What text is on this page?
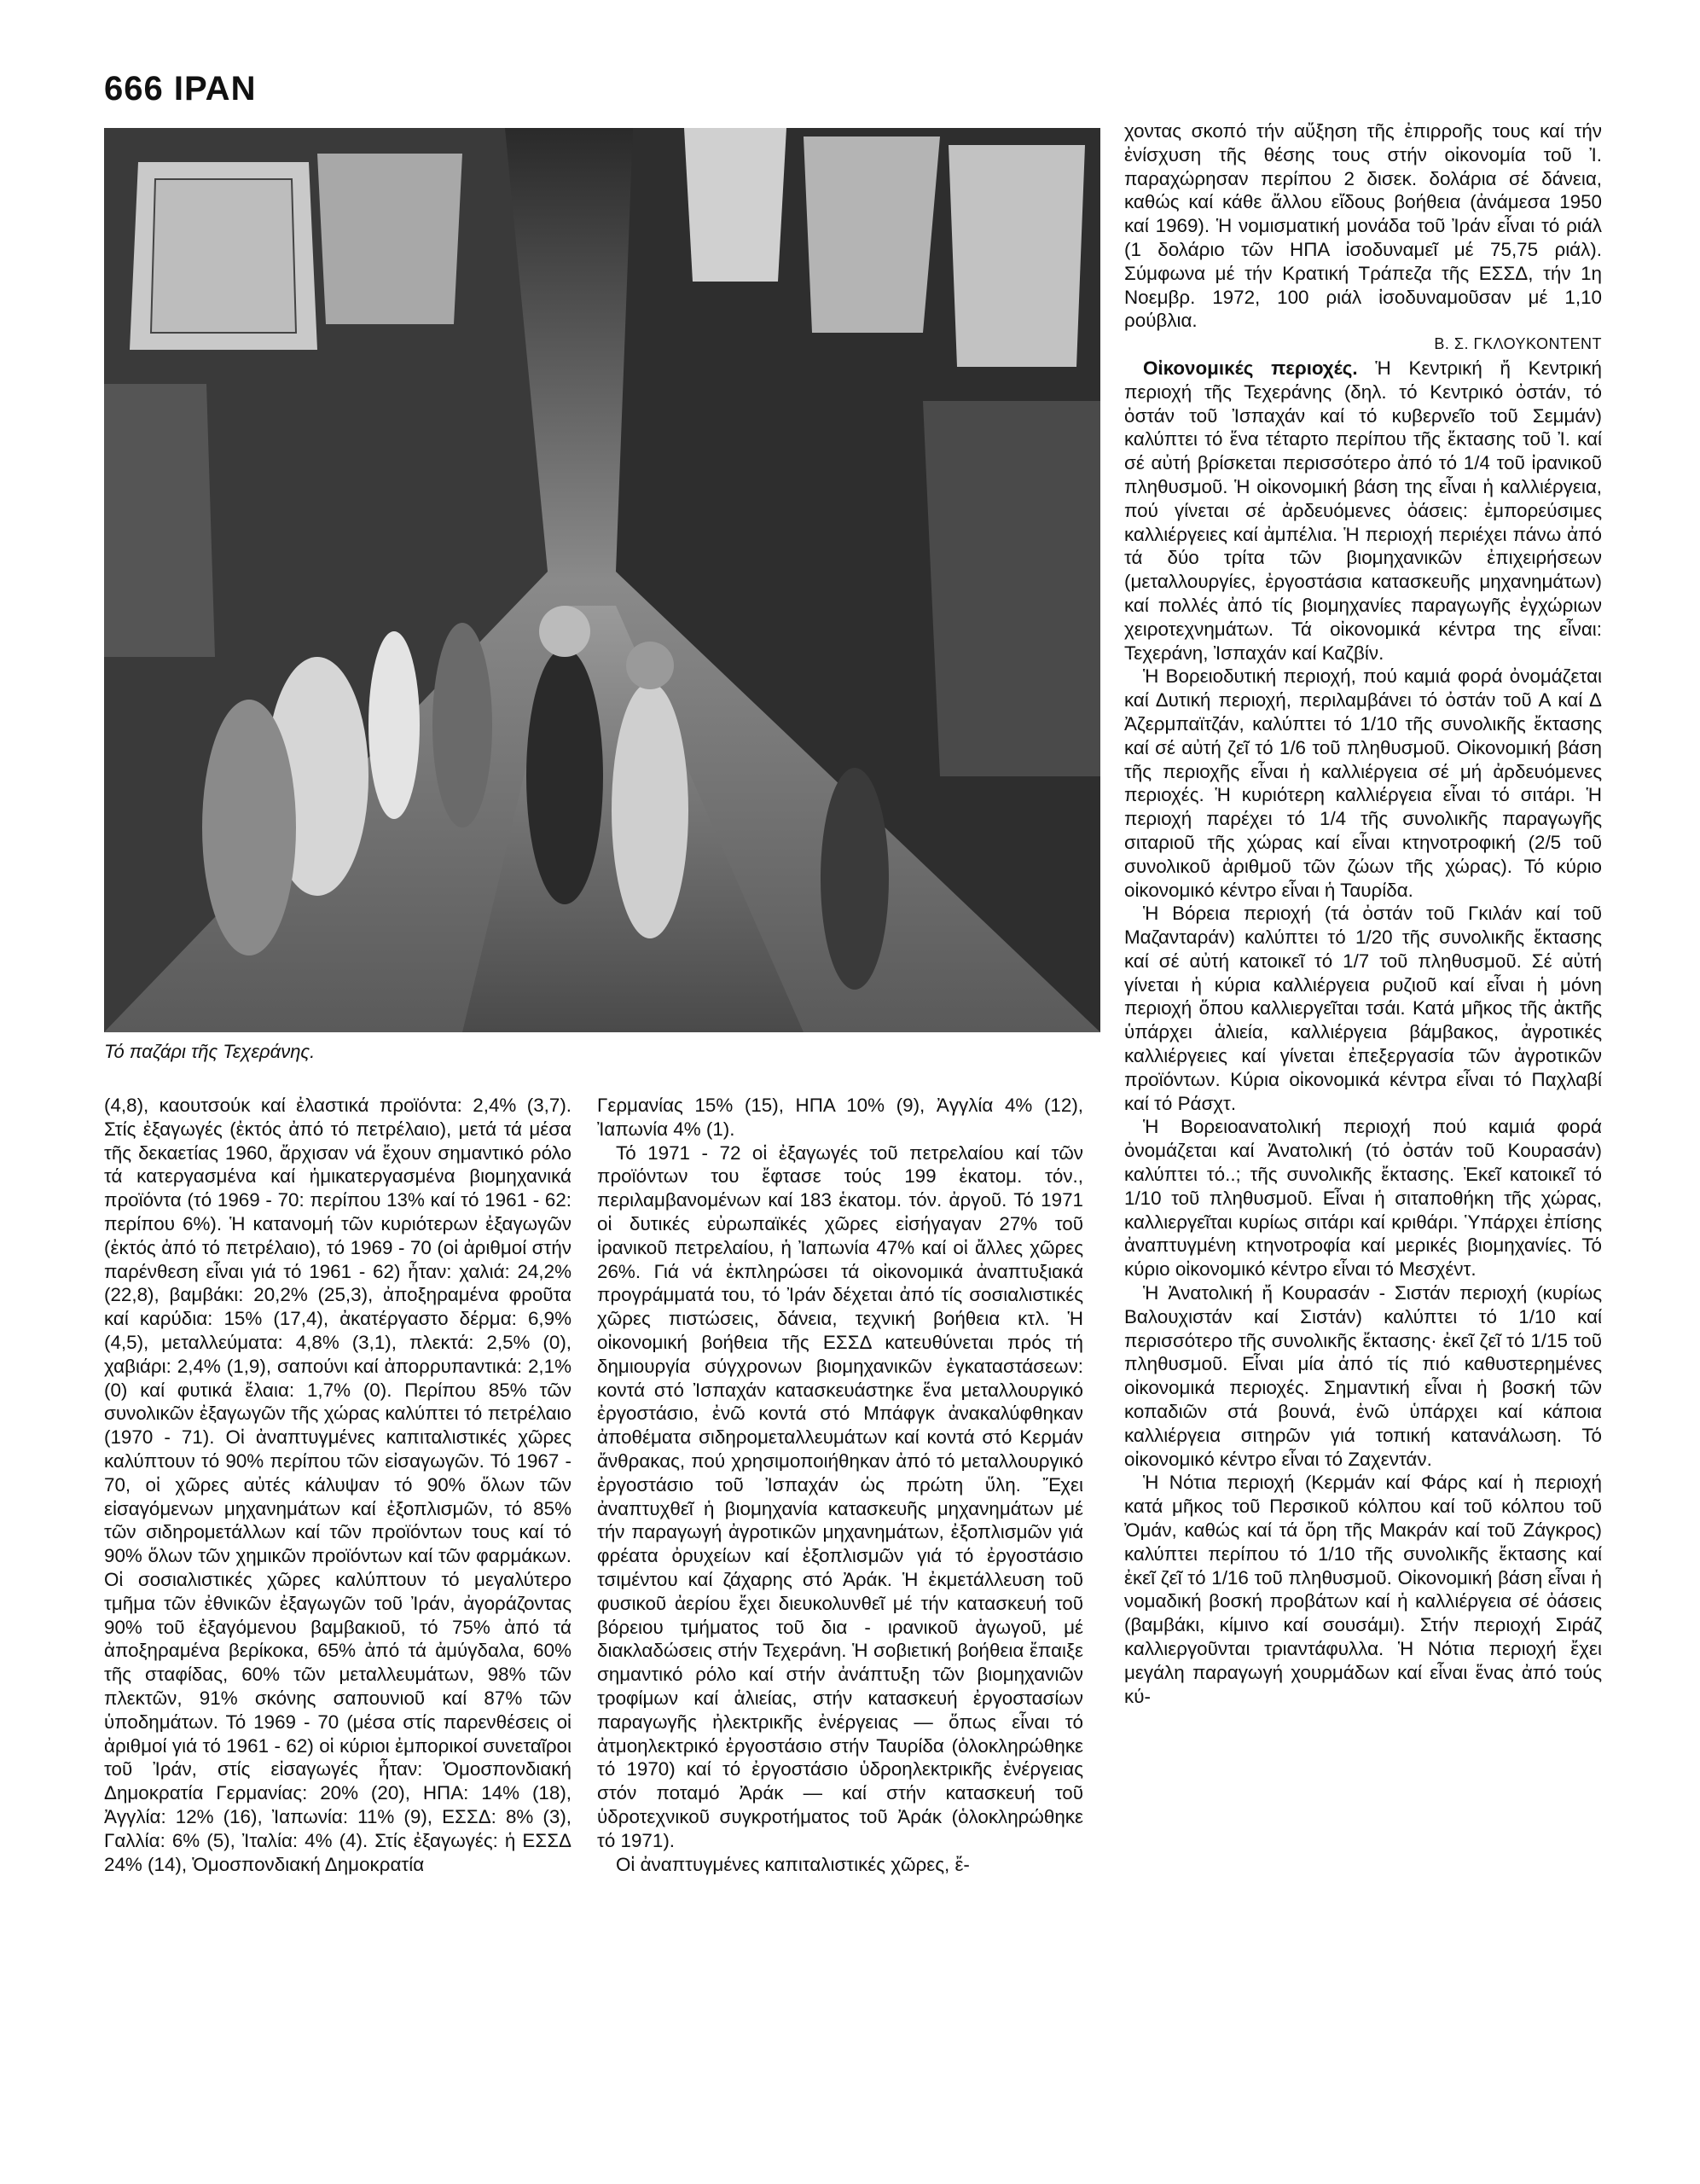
666 ΙΡΑΝ
Τό παζάρι τῆς Τεχεράνης.

(4,8), καουτσούκ καί ἐλαστικά προϊόντα: 2,4% (3,7). Στίς ἐξαγωγές (ἐκτός ἀπό τό πετρέλαιο), μετά τά μέσα τῆς δεκαετίας 1960, ἄρχισαν νά ἔχουν σημαντικό ρόλο τά κατεργασμένα καί ἡμικατεργασμένα βιομηχανικά προϊόντα (τό 1969 - 70: περίπου 13% καί τό 1961 - 62: περίπου 6%). Ἡ κατανομή τῶν κυριότερων ἐξαγωγῶν (ἐκτός ἀπό τό πετρέλαιο), τό 1969 - 70 (οἱ ἀριθμοί στήν παρένθεση εἶναι γιά τό 1961 - 62) ἦταν: χαλιά: 24,2% (22,8), βαμβάκι: 20,2% (25,3), ἀποξηραμένα φροῦτα καί καρύδια: 15% (17,4), ἀκατέργαστο δέρμα: 6,9% (4,5), μεταλλεύματα: 4,8% (3,1), πλεκτά: 2,5% (0), χαβιάρι: 2,4% (1,9), σαπούνι καί ἀπορρυπαντικά: 2,1% (0) καί φυτικά ἔλαια: 1,7% (0). Περίπου 85% τῶν συνολικῶν ἐξαγωγῶν τῆς χώρας καλύπτει τό πετρέλαιο (1970 - 71). Οἱ ἀναπτυγμένες καπιταλιστικές χῶρες καλύπτουν τό 90% περίπου τῶν εἰσαγωγῶν. Τό 1967 - 70, οἱ χῶρες αὐτές κάλυψαν τό 90% ὅλων τῶν εἰσαγόμενων μηχανημάτων καί ἐξοπλισμῶν, τό 85% τῶν σιδηρομετάλλων καί τῶν προϊόντων τους καί τό 90% ὅλων τῶν χημικῶν προϊόντων καί τῶν φαρμάκων. Οἱ σοσιαλιστικές χῶρες καλύπτουν τό μεγαλύτερο τμῆμα τῶν ἐθνικῶν ἐξαγωγῶν τοῦ Ἰράν, ἀγοράζοντας 90% τοῦ ἐξαγόμενου βαμβακιοῦ, τό 75% ἀπό τά ἀποξηραμένα βερίκοκα, 65% ἀπό τά ἀμύγδαλα, 60% τῆς σταφίδας, 60% τῶν μεταλλευμάτων, 98% τῶν πλεκτῶν, 91% σκόνης σαπουνιοῦ καί 87% τῶν ὑποδημάτων. Τό 1969 - 70 (μέσα στίς παρενθέσεις οἱ ἀριθμοί γιά τό 1961 - 62) οἱ κύριοι ἐμπορικοί συνεταῖροι τοῦ Ἰράν, στίς εἰσαγωγές ἦταν: Ὁμοσπονδιακή Δημοκρατία Γερμανίας: 20% (20), ΗΠΑ: 14% (18), Ἀγγλία: 12% (16), Ἰαπωνία: 11% (9), ΕΣΣΔ: 8% (3), Γαλλία: 6% (5), Ἰταλία: 4% (4). Στίς ἐξαγωγές: ἡ ΕΣΣΔ 24% (14), Ὁμοσπονδιακή Δημοκρατία

Γερμανίας 15% (15), ΗΠΑ 10% (9), Ἀγγλία 4% (12), Ἰαπωνία 4% (1).

Τό 1971 - 72 οἱ ἐξαγωγές τοῦ πετρελαίου καί τῶν προϊόντων του ἔφτασε τούς 199 ἑκατομ. τόν., περιλαμβανομένων καί 183 ἑκατομ. τόν. ἀργοῦ. Τό 1971 οἱ δυτικές εὐρωπαϊκές χῶρες εἰσήγαγαν 27% τοῦ ἰρανικοῦ πετρελαίου, ἡ Ἰαπωνία 47% καί οἱ ἄλλες χῶρες 26%. Γιά νά ἐκπληρώσει τά οἰκονομικά ἀναπτυξιακά προγράμματά του, τό Ἰράν δέχεται ἀπό τίς σοσιαλιστικές χῶρες πιστώσεις, δάνεια, τεχνική βοήθεια κτλ. Ἡ οἰκονομική βοήθεια τῆς ΕΣΣΔ κατευθύνεται πρός τή δημιουργία σύγχρονων βιομηχανικῶν ἐγκαταστάσεων: κοντά στό Ἰσπαχάν κατασκευάστηκε ἕνα μεταλλουργικό ἐργοστάσιο, ἐνῶ κοντά στό Μπάφγκ ἀνακαλύφθηκαν ἀποθέματα σιδηρομεταλλευμάτων καί κοντά στό Κερμάν ἄνθρακας, πού χρησιμοποιήθηκαν ἀπό τό μεταλλουργικό ἐργοστάσιο τοῦ Ἰσπαχάν ὡς πρώτη ὕλη. Ἔχει ἀναπτυχθεῖ ἡ βιομηχανία κατασκευῆς μηχανημάτων μέ τήν παραγωγή ἀγροτικῶν μηχανημάτων, ἐξοπλισμῶν γιά φρέατα ὀρυχείων καί ἐξοπλισμῶν γιά τό ἐργοστάσιο τσιμέντου καί ζάχαρης στό Ἀράκ. Ἡ ἐκμετάλλευση τοῦ φυσικοῦ ἀερίου ἔχει διευκολυνθεῖ μέ τήν κατασκευή τοῦ βόρειου τμήματος τοῦ δια - ιρανικοῦ ἀγωγοῦ, μέ διακλαδώσεις στήν Τεχεράνη. Ἡ σοβιετική βοήθεια ἔπαιξε σημαντικό ρόλο καί στήν ἀνάπτυξη τῶν βιομηχανιῶν τροφίμων καί ἁλιείας, στήν κατασκευή ἐργοστασίων παραγωγῆς ἠλεκτρικῆς ἐνέργειας — ὅπως εἶναι τό ἀτμοηλεκτρικό ἐργοστάσιο στήν Ταυρίδα (ὁλοκληρώθηκε τό 1970) καί τό ἐργοστάσιο ὑδροηλεκτρικῆς ἐνέργειας στόν ποταμό Ἀράκ — καί στήν κατασκευή τοῦ ὑδροτεχνικοῦ συγκροτήματος τοῦ Ἀράκ (ὁλοκληρώθηκε τό 1971).

Οἱ ἀναπτυγμένες καπιταλιστικές χῶρες, ἔ-

χοντας σκοπό τήν αὔξηση τῆς ἐπιρροῆς τους καί τήν ἐνίσχυση τῆς θέσης τους στήν οἰκονομία τοῦ Ἰ. παραχώρησαν περίπου 2 δισεκ. δολάρια σέ δάνεια, καθώς καί κάθε ἄλλου εἴδους βοήθεια (ἀνάμεσα 1950 καί 1969). Ἡ νομισματική μονάδα τοῦ Ἰράν εἶναι τό ριάλ (1 δολάριο τῶν ΗΠΑ ἰσοδυναμεῖ μέ 75,75 ριάλ). Σύμφωνα μέ τήν Κρατική Τράπεζα τῆς ΕΣΣΔ, τήν 1η Νοεμβρ. 1972, 100 ριάλ ἰσοδυναμοῦσαν μέ 1,10 ρούβλια.

Β. Σ. ΓΚΛΟΥΚΟΝΤΕΝΤ

Οἰκονομικές περιοχές. Ἡ Κεντρική ἤ Κεντρική περιοχή τῆς Τεχεράνης (δηλ. τό Κεντρικό ὀστάν, τό ὀστάν τοῦ Ἰσπαχάν καί τό κυβερνεῖο τοῦ Σεμμάν) καλύπτει τό ἕνα τέταρτο περίπου τῆς ἔκτασης τοῦ Ἰ. καί σέ αὐτή βρίσκεται περισσότερο ἀπό τό 1/4 τοῦ ἰρανικοῦ πληθυσμοῦ. Ἡ οἰκονομική βάση της εἶναι ἡ καλλιέργεια, πού γίνεται σέ ἀρδευόμενες ὀάσεις: ἐμπορεύσιμες καλλιέργειες καί ἀμπέλια. Ἡ περιοχή περιέχει πάνω ἀπό τά δύο τρίτα τῶν βιομηχανικῶν ἐπιχειρήσεων (μεταλλουργίες, ἐργοστάσια κατασκευῆς μηχανημάτων) καί πολλές ἀπό τίς βιομηχανίες παραγωγῆς ἐγχώριων χειροτεχνημάτων. Τά οἰκονομικά κέντρα της εἶναι: Τεχεράνη, Ἰσπαχάν καί Καζβίν.

Ἡ Βορειοδυτική περιοχή, πού καμιά φορά ὀνομάζεται καί Δυτική περιοχή, περιλαμβάνει τό ὀστάν τοῦ Α καί Δ Ἀζερμπαϊτζάν, καλύπτει τό 1/10 τῆς συνολικῆς ἔκτασης καί σέ αὐτή ζεῖ τό 1/6 τοῦ πληθυσμοῦ. Οἰκονομική βάση τῆς περιοχῆς εἶναι ἡ καλλιέργεια σέ μή ἀρδευόμενες περιοχές. Ἡ κυριότερη καλλιέργεια εἶναι τό σιτάρι. Ἡ περιοχή παρέχει τό 1/4 τῆς συνολικῆς παραγωγῆς σιταριοῦ τῆς χώρας καί εἶναι κτηνοτροφική (2/5 τοῦ συνολικοῦ ἀριθμοῦ τῶν ζώων τῆς χώρας). Τό κύριο οἰκονομικό κέντρο εἶναι ἡ Ταυρίδα.

Ἡ Βόρεια περιοχή (τά ὀστάν τοῦ Γκιλάν καί τοῦ Μαζανταράν) καλύπτει τό 1/20 τῆς συνολικῆς ἔκτασης καί σέ αὐτή κατοικεῖ τό 1/7 τοῦ πληθυσμοῦ. Σέ αὐτή γίνεται ἡ κύρια καλλιέργεια ρυζιοῦ καί εἶναι ἡ μόνη περιοχή ὅπου καλλιεργεῖται τσάι. Κατά μῆκος τῆς ἀκτῆς ὑπάρχει ἁλιεία, καλλιέργεια βάμβακος, ἀγροτικές καλλιέργειες καί γίνεται ἐπεξεργασία τῶν ἀγροτικῶν προϊόντων. Κύρια οἰκονομικά κέντρα εἶναι τό Παχλαβί καί τό Ράσχτ.

Ἡ Βορειοανατολική περιοχή πού καμιά φορά ὀνομάζεται καί Ἀνατολική (τό ὀστάν τοῦ Κουρασάν) καλύπτει τό..; τῆς συνολικῆς ἔκτασης. Ἐκεῖ κατοικεῖ τό 1/10 τοῦ πληθυσμοῦ. Εἶναι ἡ σιταποθήκη τῆς χώρας, καλλιεργεῖται κυρίως σιτάρι καί κριθάρι. Ὑπάρχει ἐπίσης ἀναπτυγμένη κτηνοτροφία καί μερικές βιομηχανίες. Τό κύριο οἰκονομικό κέντρο εἶναι τό Μεσχέντ.

Ἡ Ἀνατολική ἤ Κουρασάν - Σιστάν περιοχή (κυρίως Βαλουχιστάν καί Σιστάν) καλύπτει τό 1/10 καί περισσότερο τῆς συνολικῆς ἔκτασης· ἐκεῖ ζεῖ τό 1/15 τοῦ πληθυσμοῦ. Εἶναι μία ἀπό τίς πιό καθυστερημένες οἰκονομικά περιοχές. Σημαντική εἶναι ἡ βοσκή τῶν κοπαδιῶν στά βουνά, ἐνῶ ὑπάρχει καί κάποια καλλιέργεια σιτηρῶν γιά τοπική κατανάλωση. Τό οἰκονομικό κέντρο εἶναι τό Ζαχεντάν.

Ἡ Νότια περιοχή (Κερμάν καί Φάρς καί ἡ περιοχή κατά μῆκος τοῦ Περσικοῦ κόλπου καί τοῦ κόλπου τοῦ Ὀμάν, καθώς καί τά ὄρη τῆς Μακράν καί τοῦ Ζάγκρος) καλύπτει περίπου τό 1/10 τῆς συνολικῆς ἔκτασης καί ἐκεῖ ζεῖ τό 1/16 τοῦ πληθυσμοῦ. Οἰκονομική βάση εἶναι ἡ νομαδική βοσκή προβάτων καί ἡ καλλιέργεια σέ ὀάσεις (βαμβάκι, κίμινο καί σουσάμι). Στήν περιοχή Σιράζ καλλιεργοῦνται τριαντάφυλλα. Ἡ Νότια περιοχή ἔχει μεγάλη παραγωγή χουρμάδων καί εἶναι ἕνας ἀπό τούς κύ-
